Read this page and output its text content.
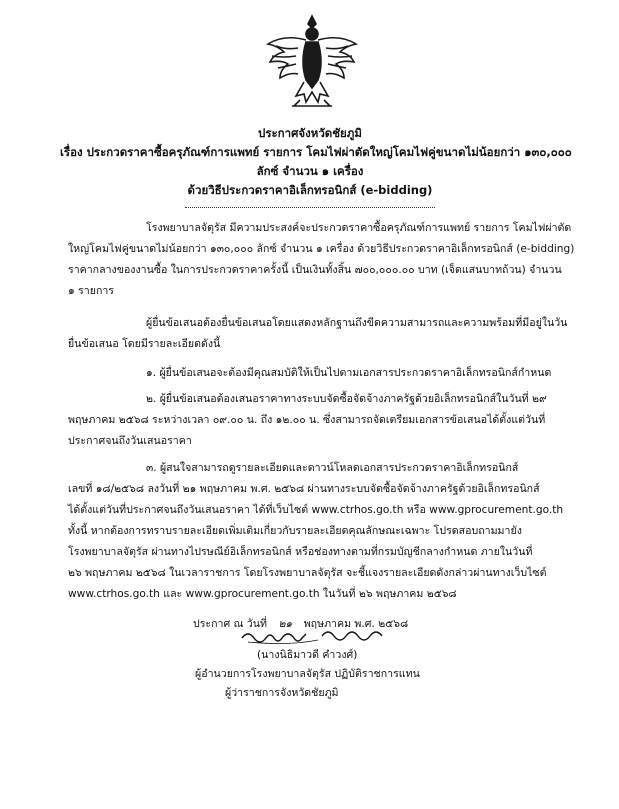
ประกาศจังหวัดชัยภูมิ
เรื่อง ประกวดราคาซื้อครุภัณฑ์การแพทย์ รายการ โคมไฟผ่าตัดใหญ่โคมไฟคู่ขนาดไม่น้อยกว่า ๑๓๐,๐๐๐
ลักซ์ จำนวน ๑ เครื่อง
ด้วยวิธีประกวดราคาอิเล็กทรอนิกส์ (e-bidding)
โรงพยาบาลจัตุรัส มีความประสงค์จะประกวดราคาซื้อครุภัณฑ์การแพทย์ รายการ โคมไฟผ่าตัด
ใหญ่โคมไฟคู่ขนาดไม่น้อยกว่า ๑๓๐,๐๐๐ ลักซ์ จำนวน ๑ เครื่อง ด้วยวิธีประกวดราคาอิเล็กทรอนิกส์ (e-bidding)
ราคากลางของงานซื้อ ในการประกวดราคาครั้งนี้ เป็นเงินทั้งสิ้น ๗๐๐,๐๐๐.๐๐ บาท (เจ็ดแสนบาทถ้วน) จำนวน
๑ รายการ
ผู้ยื่นข้อเสนอต้องยื่นข้อเสนอโดยแสดงหลักฐานถึงขีดความสามารถและความพร้อมที่มีอยู่ในวัน
ยื่นข้อเสนอ โดยมีรายละเอียดดังนี้
๑. ผู้ยื่นข้อเสนอจะต้องมีคุณสมบัติให้เป็นไปตามเอกสารประกวดราคาอิเล็กทรอนิกส์กำหนด
๒. ผู้ยื่นข้อเสนอต้องเสนอราคาทางระบบจัดซื้อจัดจ้างภาครัฐด้วยอิเล็กทรอนิกส์ในวันที่ ๒๙
พฤษภาคม ๒๕๖๘ ระหว่างเวลา ๐๙.๐๐ น. ถึง ๑๒.๐๐ น. ซึ่งสามารถจัดเตรียมเอกสารข้อเสนอได้ตั้งแต่วันที่
ประกาศจนถึงวันเสนอราคา
๓. ผู้สนใจสามารถดูรายละเอียดและดาวน์โหลดเอกสารประกวดราคาอิเล็กทรอนิกส์
เลขที่ ๑๘/๒๕๖๘ ลงวันที่ ๒๑ พฤษภาคม พ.ศ. ๒๕๖๘ ผ่านทางระบบจัดซื้อจัดจ้างภาครัฐด้วยอิเล็กทรอนิกส์
ได้ตั้งแต่วันที่ประกาศจนถึงวันเสนอราคา ได้ที่เว็บไซต์ www.ctrhos.go.th หรือ www.gprocurement.go.th
ทั้งนี้ หากต้องการทราบรายละเอียดเพิ่มเติมเกี่ยวกับรายละเอียดคุณลักษณะเฉพาะ โปรดสอบถามมายัง
โรงพยาบาลจัตุรัส ผ่านทางไปรษณีย์อิเล็กทรอนิกส์ หรือช่องทางตามที่กรมบัญชีกลางกำหนด ภายในวันที่
๒๖ พฤษภาคม ๒๕๖๘ ในเวลาราชการ โดยโรงพยาบาลจัตุรัส จะชี้แจงรายละเอียดดังกล่าวผ่านทางเว็บไซต์
www.ctrhos.go.th และ www.gprocurement.go.th ในวันที่ ๒๖ พฤษภาคม ๒๕๖๘
ประกาศ ณ วันที่ ๒๑ พฤษภาคม พ.ศ. ๒๕๖๘
(นางนิธิมาวดี คำวงศ์)
ผู้อำนวยการโรงพยาบาลจัตุรัส ปฏิบัติราชการแทน
ผู้ว่าราชการจังหวัดชัยภูมิ
